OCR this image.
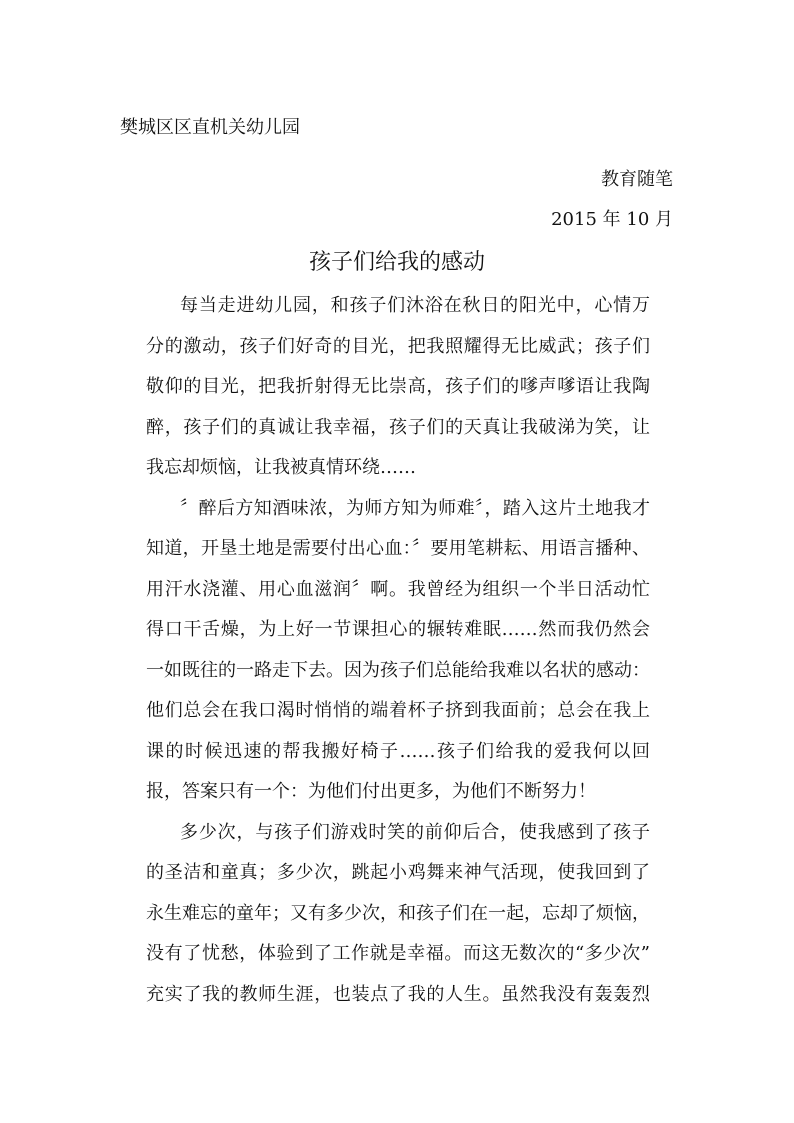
樊城区区直机关幼儿园
教育随笔
2015 年 10 月
孩子们给我的感动
每当走进幼儿园，和孩子们沐浴在秋日的阳光中，心情万
分的激动，孩子们好奇的目光，把我照耀得无比威武；孩子们
敬仰的目光，把我折射得无比崇高，孩子们的嗲声嗲语让我陶
醉，孩子们的真诚让我幸福，孩子们的天真让我破涕为笑，让
我忘却烦恼，让我被真情环绕……
〞醉后方知酒味浓，为师方知为师难〞，踏入这片土地我才
知道，开垦土地是需要付出心血：〞要用笔耕耘、用语言播种、
用汗水浇灌、用心血滋润〞啊。我曾经为组织一个半日活动忙
得口干舌燥，为上好一节课担心的辗转难眠……然而我仍然会
一如既往的一路走下去。因为孩子们总能给我难以名状的感动：
他们总会在我口渴时悄悄的端着杯子挤到我面前；总会在我上
课的时候迅速的帮我搬好椅子……孩子们给我的爱我何以回
报，答案只有一个：为他们付出更多，为他们不断努力！
多少次，与孩子们游戏时笑的前仰后合，使我感到了孩子
的圣洁和童真；多少次，跳起小鸡舞来神气活现，使我回到了
永生难忘的童年；又有多少次，和孩子们在一起，忘却了烦恼，
没有了忧愁，体验到了工作就是幸福。而这无数次的“多少次”
充实了我的教师生涯，也装点了我的人生。虽然我没有轰轰烈
